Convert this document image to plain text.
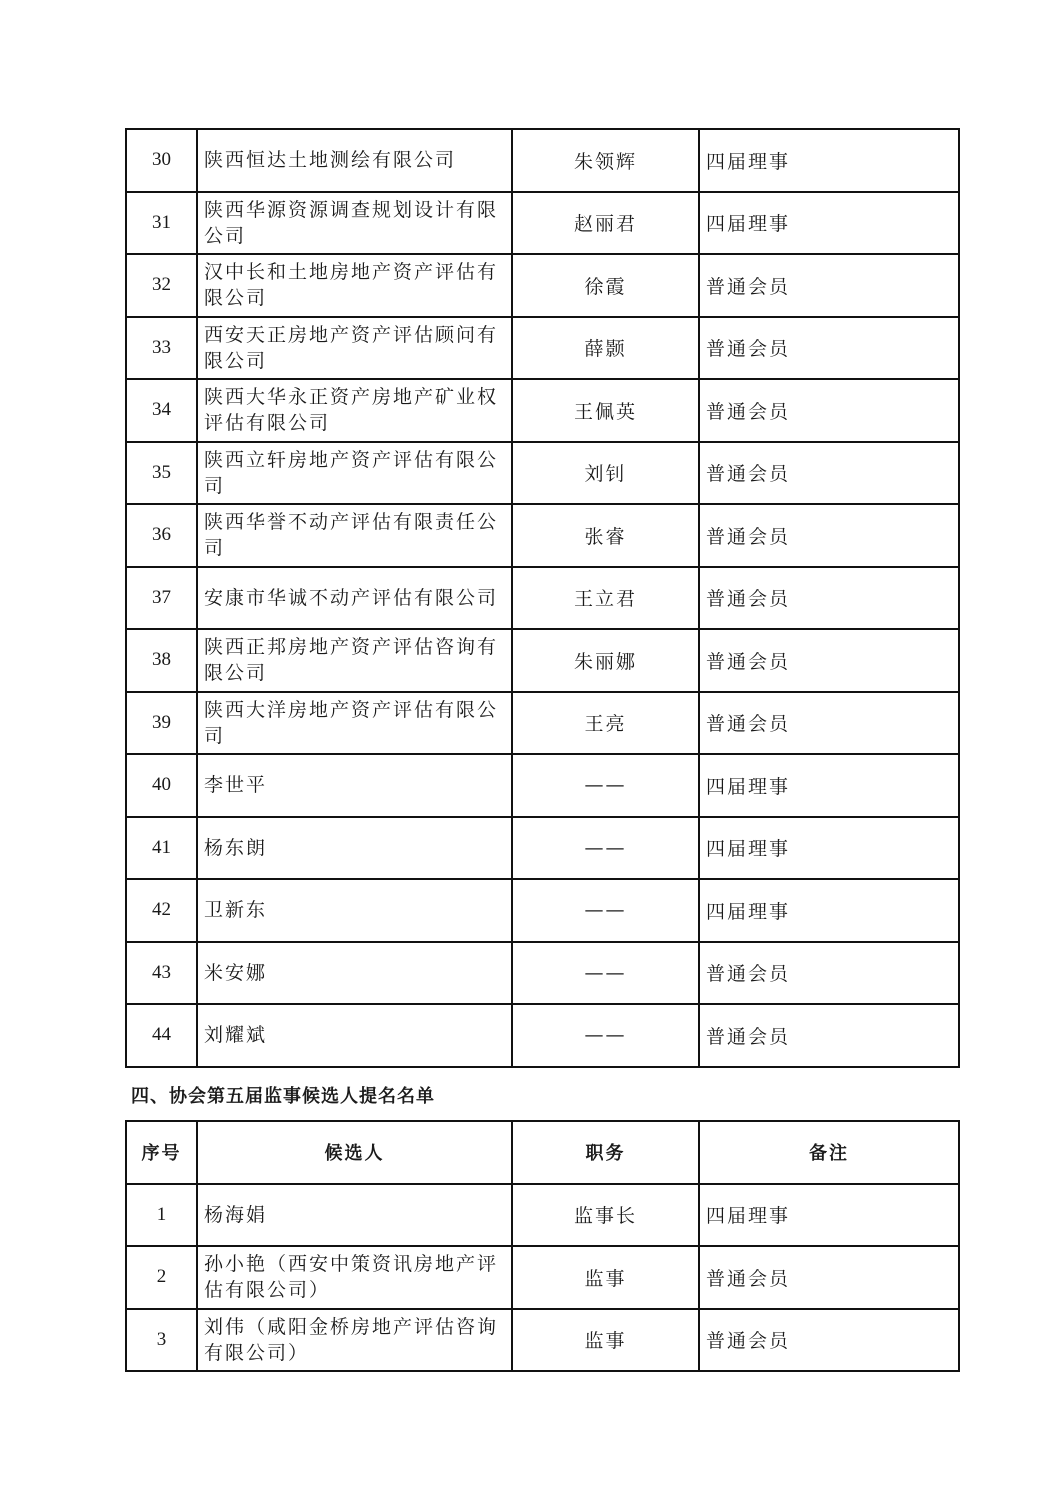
30	陕西恒达土地测绘有限公司	朱领辉	四届理事
31	陕西华源资源调查规划设计有限公司	赵丽君	四届理事
32	汉中长和土地房地产资产评估有限公司	徐霞	普通会员
33	西安天正房地产资产评估顾问有限公司	薛颢	普通会员
34	陕西大华永正资产房地产矿业权评估有限公司	王佩英	普通会员
35	陕西立轩房地产资产评估有限公司	刘钊	普通会员
36	陕西华誉不动产评估有限责任公司	张睿	普通会员
37	安康市华诚不动产评估有限公司	王立君	普通会员
38	陕西正邦房地产资产评估咨询有限公司	朱丽娜	普通会员
39	陕西大洋房地产资产评估有限公司	王亮	普通会员
40	李世平	——	四届理事
41	杨东朗	——	四届理事
42	卫新东	——	四届理事
43	米安娜	——	普通会员
44	刘耀斌	——	普通会员
四、协会第五届监事候选人提名名单
序号	候选人	职务	备注
1	杨海娟	监事长	四届理事
2	孙小艳（西安中策资讯房地产评估有限公司）	监事	普通会员
3	刘伟（咸阳金桥房地产评估咨询有限公司）	监事	普通会员
